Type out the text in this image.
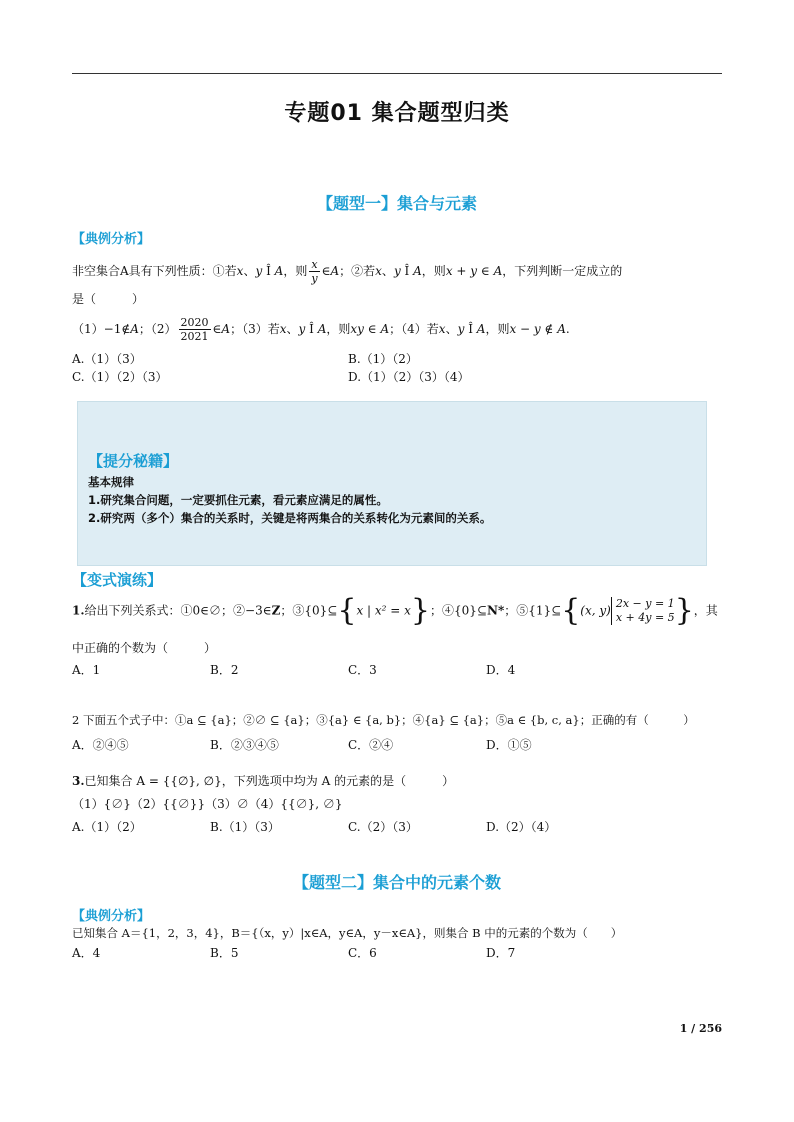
专题01 集合题型归类
【题型一】集合与元素
【典例分析】
非空集合A具有下列性质：①若x、y Î A，则 $\frac{x}{y}$ ∈A；②若x、y Î A，则x + y ∈ A，下列判断一定成立的
是（　　　）
（1）−1∉A；$(2) \frac{2020}{2021}$ ∈A；（3）若x、y Î A，则xy ∈ A；（4）若x、y Î A，则x − y ∉ A.
A.（1）（3）	B.（1）（2）
C.（1）（2）（3）	D.（1）（2）（3）（4）
【提分秘籍】
基本规律
1.研究集合问题，一定要抓住元素，看元素应满足的属性。
2.研究两（多个）集合的关系时，关键是将两集合的关系转化为元素间的关系。
【变式演练】
1.给出下列关系式：①0∈∅；②−3∈Z；③{0}⊆{x | x² = x}；④{0}⊆N*；⑤{1}⊆{(x, y) 2x − y = 1
x + 4y = 5 }，其
中正确的个数为（　　　）
A．1	B．2	C．3	D．4
2 下面五个式子中：①a ⊆ {a}；②∅ ⊆ {a}；③{a} ∈ {a, b}；④{a} ⊆ {a}；⑤a ∈ {b, c, a}；正确的有（　　　）
A．②④⑤	B．②③④⑤	C．②④	D．①⑤
3.已知集合 A = {{∅}, ∅}，下列选项中均为 A 的元素的是（　　　）
（1）{∅}（2）{{∅}}（3）∅（4）{{∅}, ∅}
A.（1）（2）	B.（1）（3）	C.（2）（3）	D.（2）（4）
【题型二】集合中的元素个数
【典例分析】
已知集合 A＝{1，2，3，4}，B＝{（x，y）|x∈A，y∈A，y－x∈A}，则集合 B 中的元素的个数为（　　）
A．4	B．5	C．6	D．7
1 / 256
